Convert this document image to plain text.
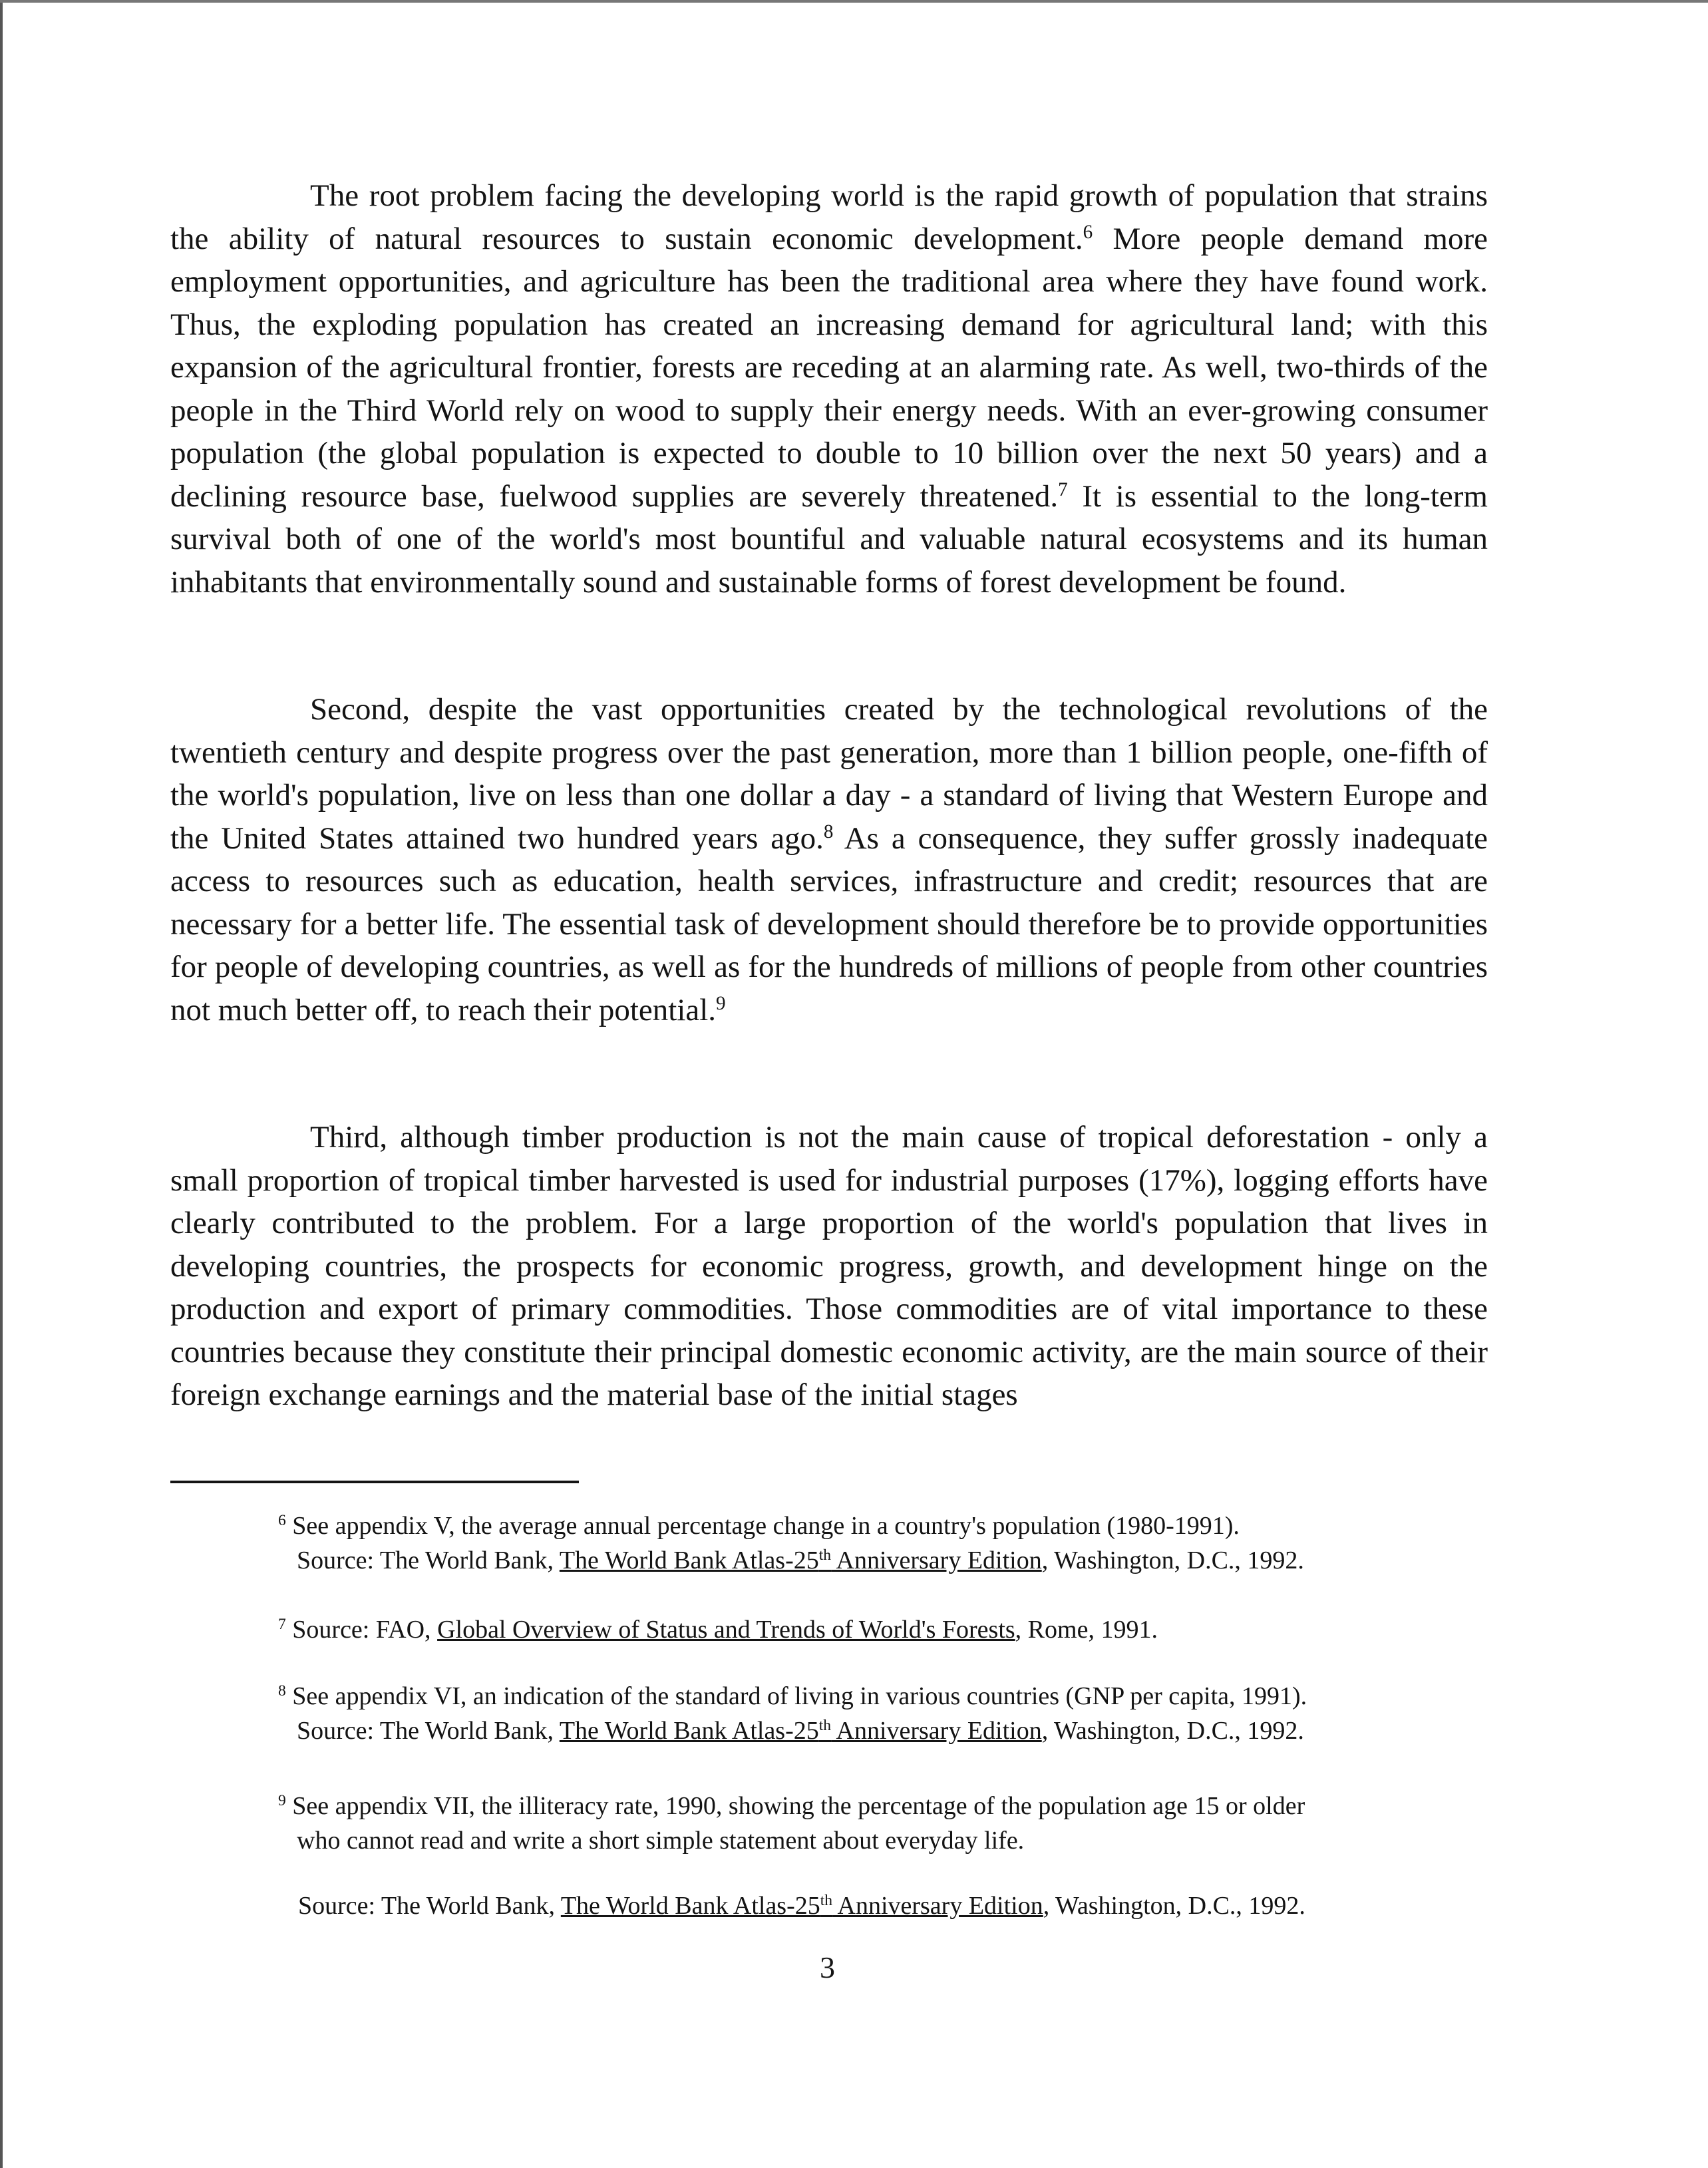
The root problem facing the developing world is the rapid growth of population that strains the ability of natural resources to sustain economic development.$^6$ More people demand more employment opportunities, and agriculture has been the traditional area where they have found work. Thus, the exploding population has created an increasing demand for agricultural land; with this expansion of the agricultural frontier, forests are receding at an alarming rate. As well, two-thirds of the people in the Third World rely on wood to supply their energy needs. With an ever-growing consumer population (the global population is expected to double to 10 billion over the next 50 years) and a declining resource base, fuelwood supplies are severely threatened.$^7$ It is essential to the long-term survival both of one of the world's most bountiful and valuable natural ecosystems and its human inhabitants that environmentally sound and sustainable forms of forest development be found.

Second, despite the vast opportunities created by the technological revolutions of the twentieth century and despite progress over the past generation, more than 1 billion people, one-fifth of the world's population, live on less than one dollar a day - a standard of living that Western Europe and the United States attained two hundred years ago.$^8$ As a consequence, they suffer grossly inadequate access to resources such as education, health services, infrastructure and credit; resources that are necessary for a better life. The essential task of development should therefore be to provide opportunities for people of developing countries, as well as for the hundreds of millions of people from other countries not much better off, to reach their potential.$^9$

Third, although timber production is not the main cause of tropical deforestation - only a small proportion of tropical timber harvested is used for industrial purposes (17%), logging efforts have clearly contributed to the problem. For a large proportion of the world's population that lives in developing countries, the prospects for economic progress, growth, and development hinge on the production and export of primary commodities. Those commodities are of vital importance to these countries because they constitute their principal domestic economic activity, are the main source of their foreign exchange earnings and the material base of the initial stages

$^6$ See appendix V, the average annual percentage change in a country's population (1980-1991).
Source: The World Bank, The World Bank Atlas-25th Anniversary Edition, Washington, D.C., 1992.

$^7$ Source: FAO, Global Overview of Status and Trends of World's Forests, Rome, 1991.

$^8$ See appendix VI, an indication of the standard of living in various countries (GNP per capita, 1991).
Source: The World Bank, The World Bank Atlas-25th Anniversary Edition, Washington, D.C., 1992.

$^9$ See appendix VII, the illiteracy rate, 1990, showing the percentage of the population age 15 or older
who cannot read and write a short simple statement about everyday life.

Source: The World Bank, The World Bank Atlas-25th Anniversary Edition, Washington, D.C., 1992.

3
